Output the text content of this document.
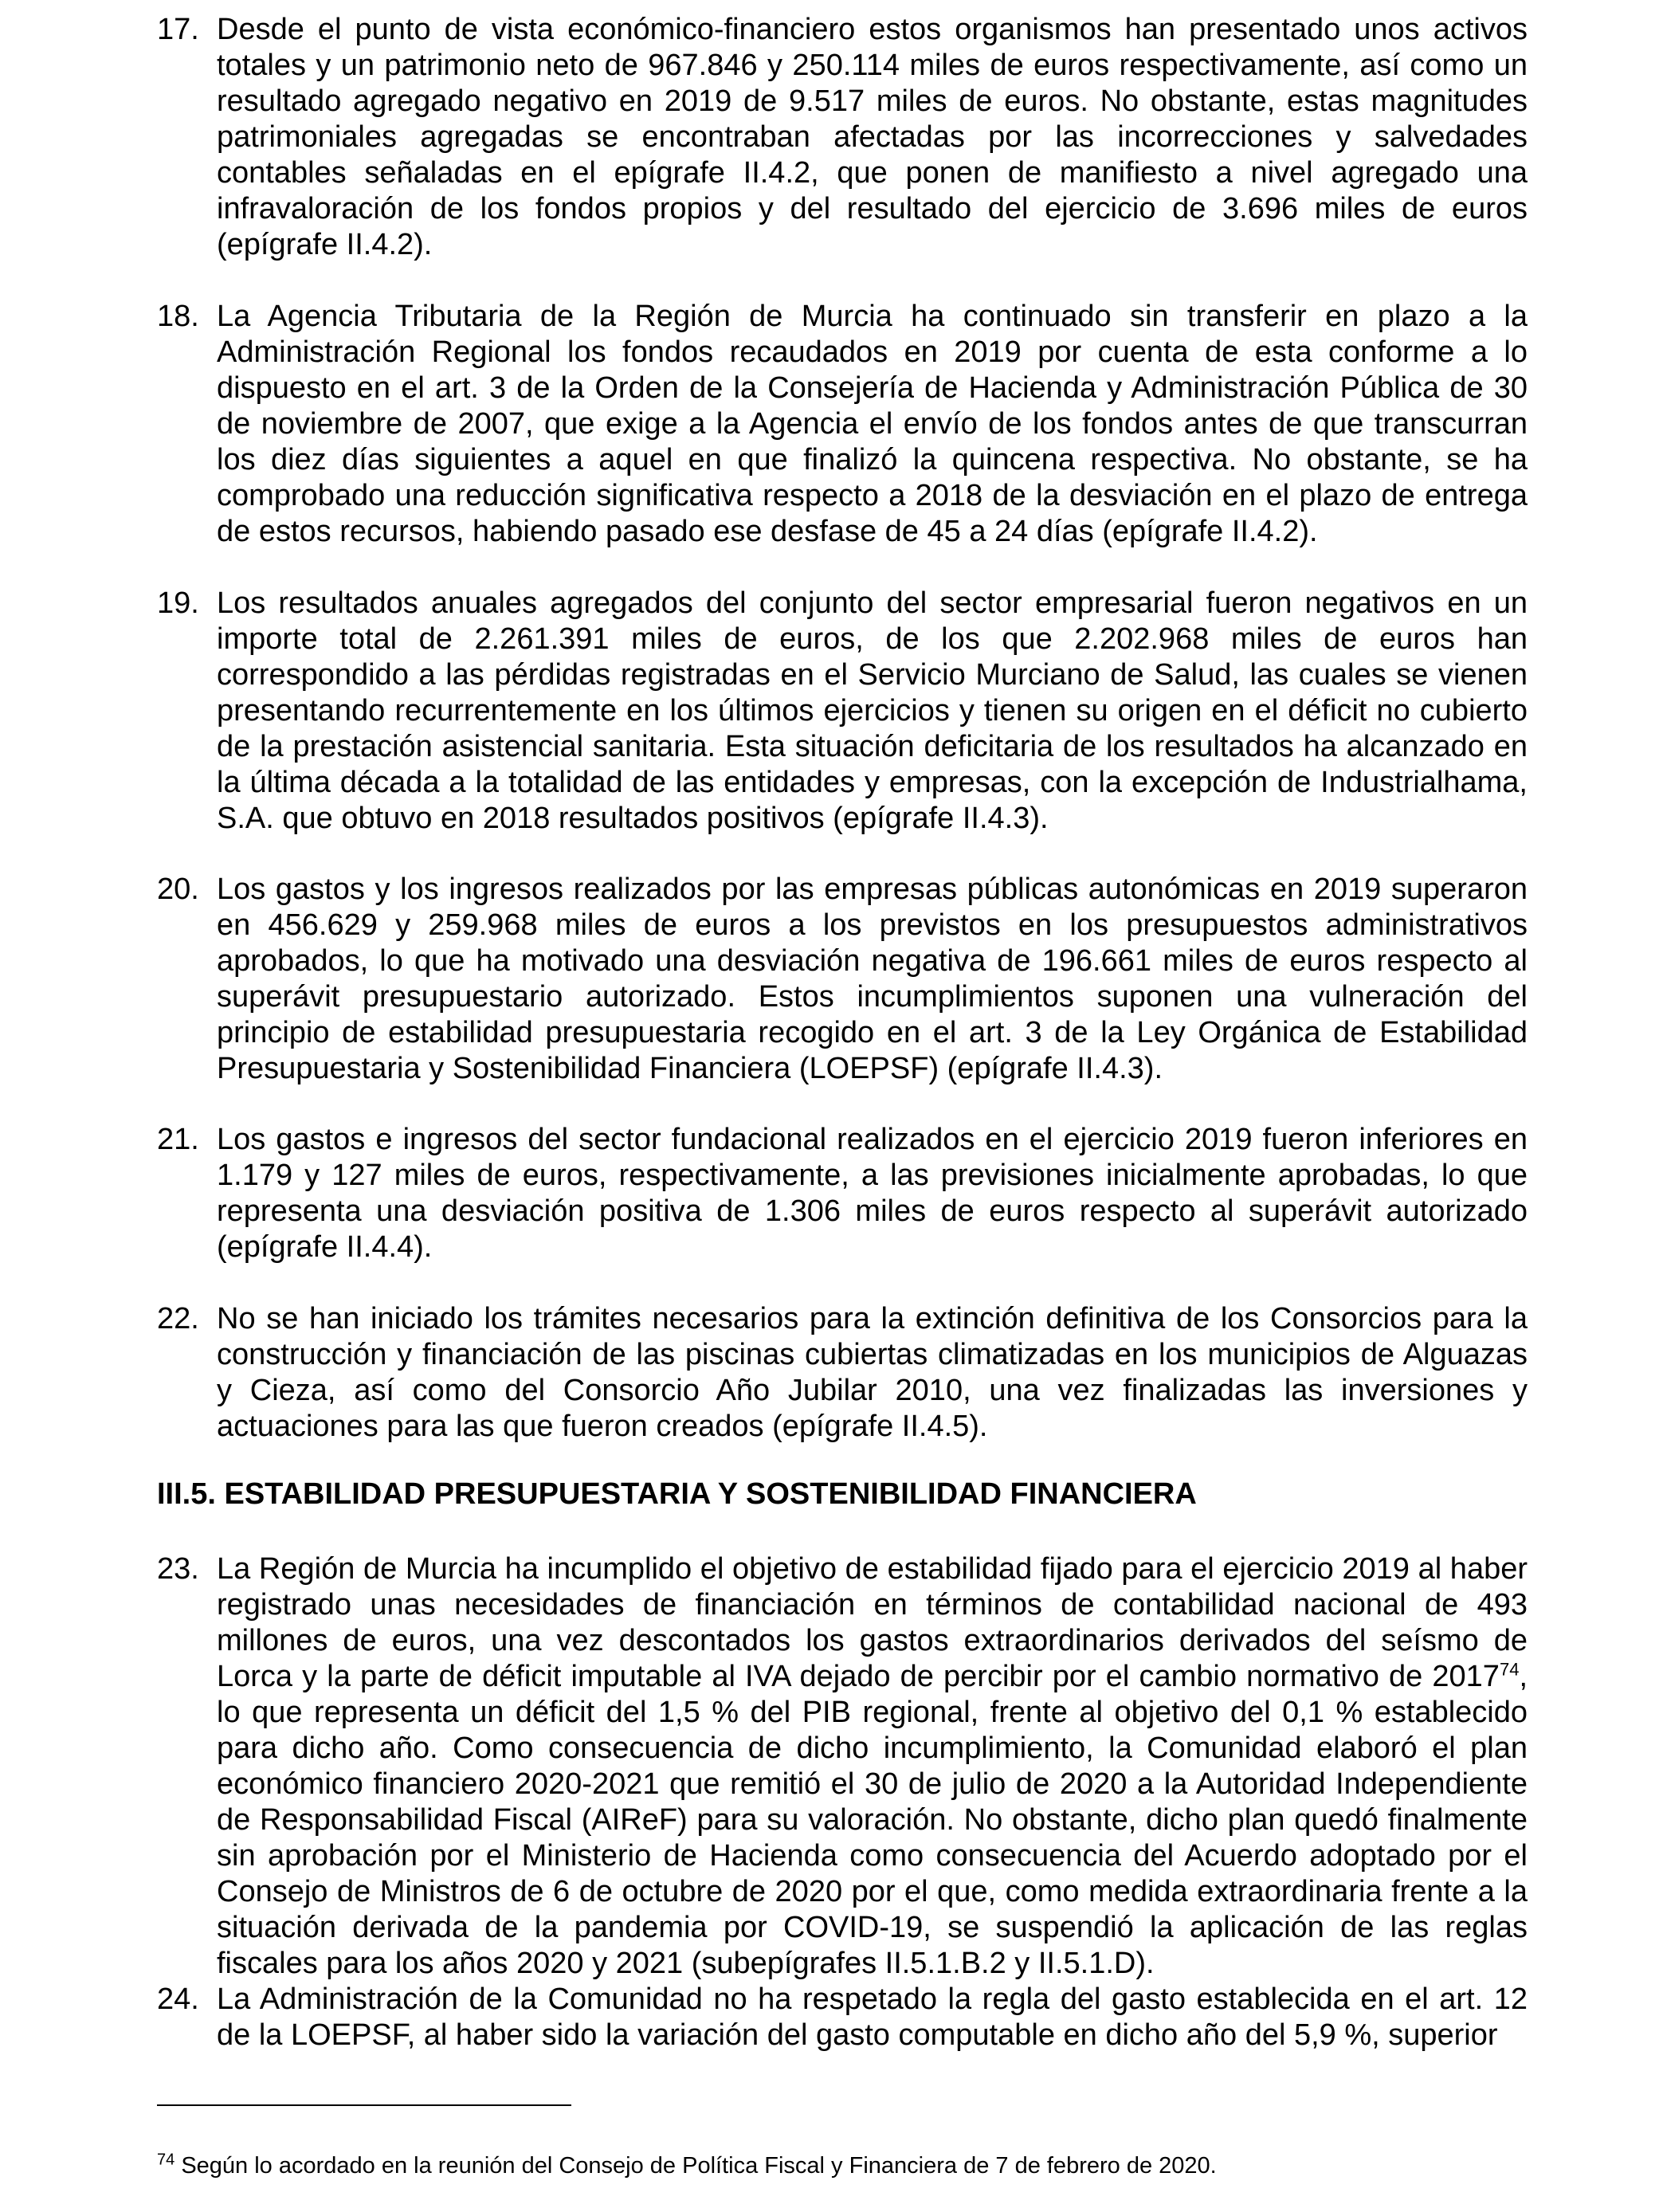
17. Desde el punto de vista económico-financiero estos organismos han presentado unos activos totales y un patrimonio neto de 967.846 y 250.114 miles de euros respectivamente, así como un resultado agregado negativo en 2019 de 9.517 miles de euros. No obstante, estas magnitudes patrimoniales agregadas se encontraban afectadas por las incorrecciones y salvedades contables señaladas en el epígrafe II.4.2, que ponen de manifiesto a nivel agregado una infravaloración de los fondos propios y del resultado del ejercicio de 3.696 miles de euros (epígrafe II.4.2).
18. La Agencia Tributaria de la Región de Murcia ha continuado sin transferir en plazo a la Administración Regional los fondos recaudados en 2019 por cuenta de esta conforme a lo dispuesto en el art. 3 de la Orden de la Consejería de Hacienda y Administración Pública de 30 de noviembre de 2007, que exige a la Agencia el envío de los fondos antes de que transcurran los diez días siguientes a aquel en que finalizó la quincena respectiva. No obstante, se ha comprobado una reducción significativa respecto a 2018 de la desviación en el plazo de entrega de estos recursos, habiendo pasado ese desfase de 45 a 24 días (epígrafe II.4.2).
19. Los resultados anuales agregados del conjunto del sector empresarial fueron negativos en un importe total de 2.261.391 miles de euros, de los que 2.202.968 miles de euros han correspondido a las pérdidas registradas en el Servicio Murciano de Salud, las cuales se vienen presentando recurrentemente en los últimos ejercicios y tienen su origen en el déficit no cubierto de la prestación asistencial sanitaria. Esta situación deficitaria de los resultados ha alcanzado en la última década a la totalidad de las entidades y empresas, con la excepción de Industrialhama, S.A. que obtuvo en 2018 resultados positivos (epígrafe II.4.3).
20. Los gastos y los ingresos realizados por las empresas públicas autonómicas en 2019 superaron en 456.629 y 259.968 miles de euros a los previstos en los presupuestos administrativos aprobados, lo que ha motivado una desviación negativa de 196.661 miles de euros respecto al superávit presupuestario autorizado. Estos incumplimientos suponen una vulneración del principio de estabilidad presupuestaria recogido en el art. 3 de la Ley Orgánica de Estabilidad Presupuestaria y Sostenibilidad Financiera (LOEPSF) (epígrafe II.4.3).
21. Los gastos e ingresos del sector fundacional realizados en el ejercicio 2019 fueron inferiores en 1.179 y 127 miles de euros, respectivamente, a las previsiones inicialmente aprobadas, lo que representa una desviación positiva de 1.306 miles de euros respecto al superávit autorizado (epígrafe II.4.4).
22. No se han iniciado los trámites necesarios para la extinción definitiva de los Consorcios para la construcción y financiación de las piscinas cubiertas climatizadas en los municipios de Alguazas y Cieza, así como del Consorcio Año Jubilar 2010, una vez finalizadas las inversiones y actuaciones para las que fueron creados (epígrafe II.4.5).
III.5. ESTABILIDAD PRESUPUESTARIA Y SOSTENIBILIDAD FINANCIERA
23. La Región de Murcia ha incumplido el objetivo de estabilidad fijado para el ejercicio 2019 al haber registrado unas necesidades de financiación en términos de contabilidad nacional de 493 millones de euros, una vez descontados los gastos extraordinarios derivados del seísmo de Lorca y la parte de déficit imputable al IVA dejado de percibir por el cambio normativo de 2017$^{74}$, lo que representa un déficit del 1,5 % del PIB regional, frente al objetivo del 0,1 % establecido para dicho año. Como consecuencia de dicho incumplimiento, la Comunidad elaboró el plan económico financiero 2020-2021 que remitió el 30 de julio de 2020 a la Autoridad Independiente de Responsabilidad Fiscal (AIReF) para su valoración. No obstante, dicho plan quedó finalmente sin aprobación por el Ministerio de Hacienda como consecuencia del Acuerdo adoptado por el Consejo de Ministros de 6 de octubre de 2020 por el que, como medida extraordinaria frente a la situación derivada de la pandemia por COVID-19, se suspendió la aplicación de las reglas fiscales para los años 2020 y 2021 (subepígrafes II.5.1.B.2 y II.5.1.D).
24. La Administración de la Comunidad no ha respetado la regla del gasto establecida en el art. 12 de la LOEPSF, al haber sido la variación del gasto computable en dicho año del 5,9 %, superior
$^{74}$ Según lo acordado en la reunión del Consejo de Política Fiscal y Financiera de 7 de febrero de 2020.
